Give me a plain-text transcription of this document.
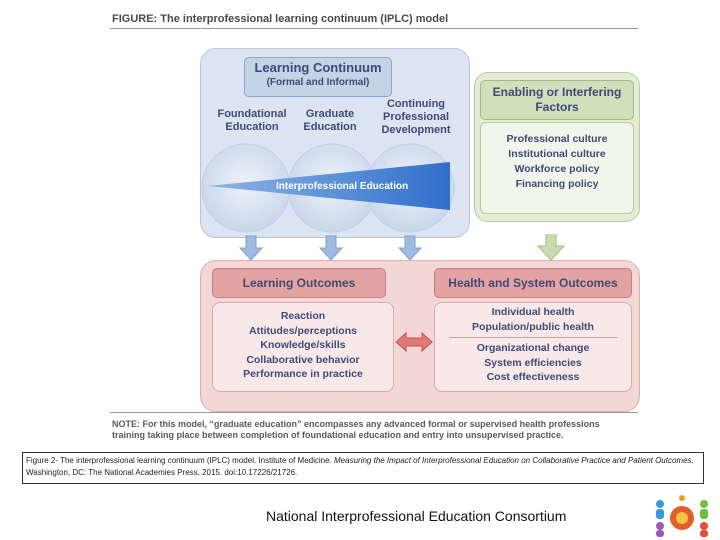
FIGURE: The interprofessional learning continuum (IPLC) model
Learning Continuum
(Formal and Informal)
Foundational
Education
Graduate
Education
Continuing
Professional
Development
Interprofessional Education
Enabling or Interfering
Factors
Professional culture
Institutional culture
Workforce policy
Financing policy
Learning Outcomes	Health and System Outcomes
Reaction
Attitudes/perceptions
Knowledge/skills
Collaborative behavior
Performance in practice
Individual health
Population/public health
Organizational change
System efficiencies
Cost effectiveness
NOTE: For this model, “graduate education” encompasses any advanced formal or supervised health professions
training taking place between completion of foundational education and entry into unsupervised practice.
Figure 2- The interprofessional learning continuum (IPLC) model. Institute of Medicine. Measuring the Impact of Interprofessional Education on Collaborative Practice and Patient Outcomes. Washington, DC: The National Academies Press, 2015. doi:10.17226/21726.
National Interprofessional Education Consortium
